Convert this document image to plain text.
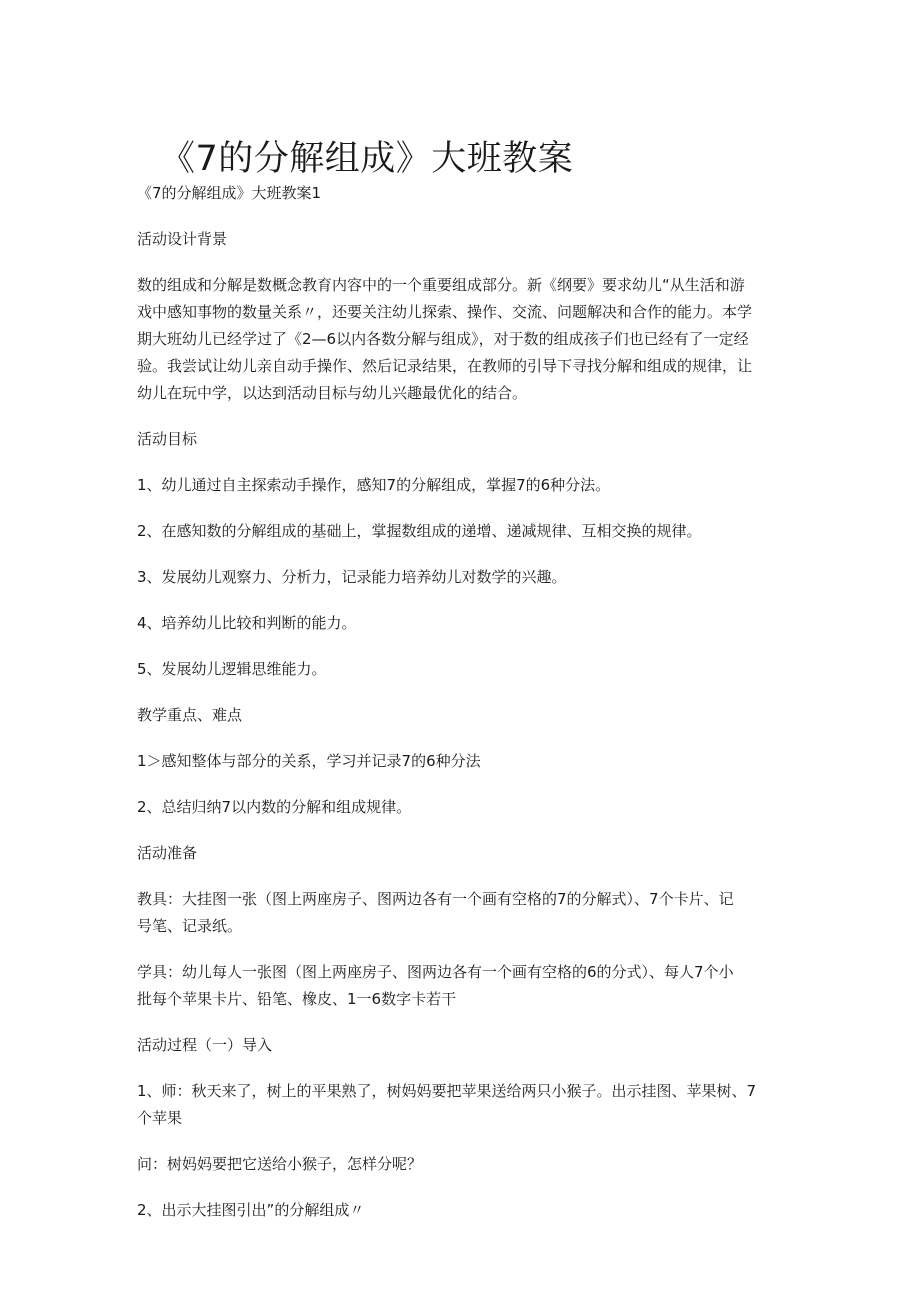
《7的分解组成》大班教案

《7的分解组成》大班教案1

活动设计背景

数的组成和分解是数概念教育内容中的一个重要组成部分。新《纲要》要求幼儿“从生活和游

戏中感知事物的数量关系〃，还要关注幼儿探索、操作、交流、问题解决和合作的能力。本学

期大班幼儿已经学过了《2—6以内各数分解与组成》，对于数的组成孩子们也已经有了一定经

验。我尝试让幼儿亲自动手操作、然后记录结果，在教师的引导下寻找分解和组成的规律，让

幼儿在玩中学，以达到活动目标与幼儿兴趣最优化的结合。

活动目标

1、幼儿通过自主探索动手操作，感知7的分解组成，掌握7的6种分法。

2、在感知数的分解组成的基础上，掌握数组成的递增、递减规律、互相交换的规律。

3、发展幼儿观察力、分析力，记录能力培养幼儿对数学的兴趣。

4、培养幼儿比较和判断的能力。

5、发展幼儿逻辑思维能力。

教学重点、难点

1＞感知整体与部分的关系，学习并记录7的6种分法

2、总结归纳7以内数的分解和组成规律。

活动准备

教具：大挂图一张（图上两座房子、图两边各有一个画有空格的7的分解式）、7个卡片、记

号笔、记录纸。

学具：幼儿每人一张图（图上两座房子、图两边各有一个画有空格的6的分式）、每人7个小

批每个苹果卡片、铅笔、橡皮、1一6数字卡若干

活动过程（一）导入

1、师：秋天来了，树上的平果熟了，树妈妈要把苹果送给两只小猴子。出示挂图、苹果树、7

个苹果

问：树妈妈要把它送给小猴子，怎样分呢？

2、出示大挂图引出”的分解组成〃
